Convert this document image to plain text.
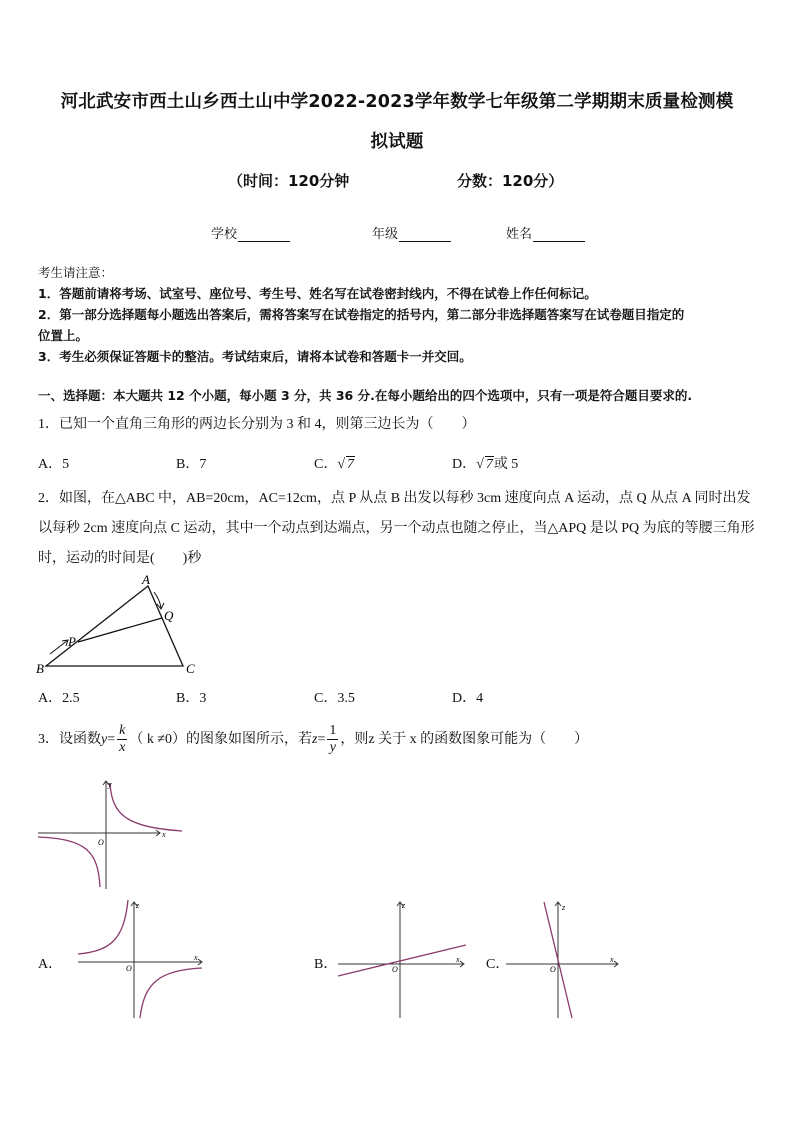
河北武安市西土山乡西土山中学2022-2023学年数学七年级第二学期期末质量检测模
拟试题
（时间：120分钟	分数：120分）
学校	年级	姓名
考生请注意：
1．答题前请将考场、试室号、座位号、考生号、姓名写在试卷密封线内，不得在试卷上作任何标记。
2．第一部分选择题每小题选出答案后，需将答案写在试卷指定的括号内，第二部分非选择题答案写在试卷题目指定的
位置上。
3．考生必须保证答题卡的整洁。考试结束后，请将本试卷和答题卡一并交回。
一、选择题：本大题共 12 个小题，每小题 3 分，共 36 分.在每小题给出的四个选项中，只有一项是符合题目要求的.
1．已知一个直角三角形的两边长分别为 3 和 4，则第三边长为（　　）
A．5	B．7	C．√ 7	D．√ 7或 5
2．如图，在△ABC 中，AB=20cm，AC=12cm，点 P 从点 B 出发以每秒 3cm 速度向点 A 运动，点 Q 从点 A 同时出发
以每秒 2cm 速度向点 C 运动，其中一个动点到达端点，另一个动点也随之停止，当△APQ 是以 PQ 为底的等腰三角形
时，运动的时间是(　　)秒
A
B	C
P
Q
A．2.5	B．3	C．3.5	D．4
3．设函数$y= \frac{k}{x}$ （ k ≠0）的图象如图所示，若$z= \frac{1}{y}$ ，则z 关于 x 的函数图象可能为（　　）
x
y
O
A．	x
z
O	B．	x
z
O	C．	x
z
O
